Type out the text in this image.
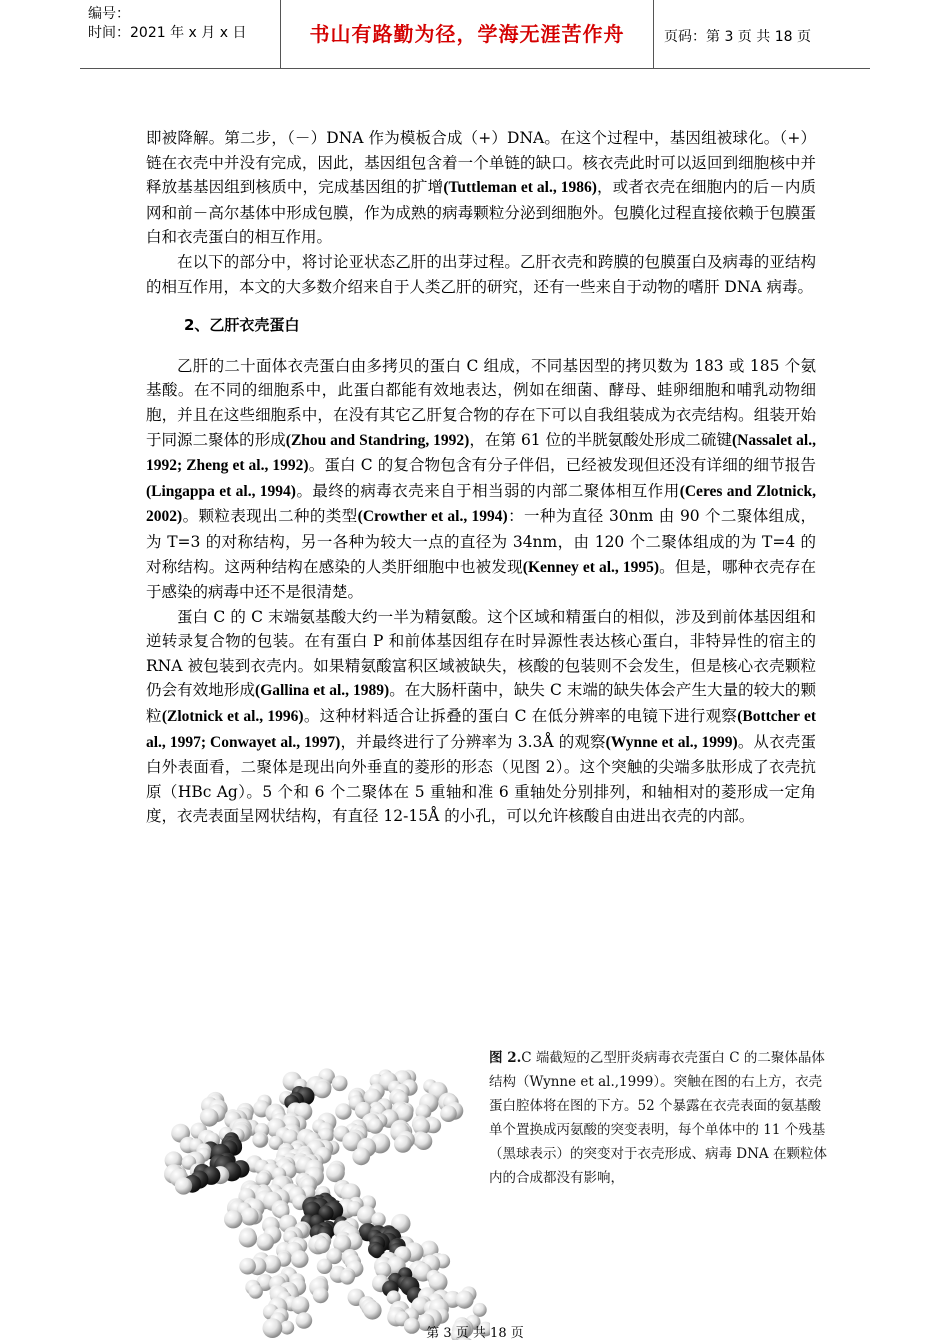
编号：
时间：2021 年 x 月 x 日	书山有路勤为径，学海无涯苦作舟	页码：第 3 页 共 18 页

即被降解。第二步，（－）DNA 作为模板合成（+）DNA。在这个过程中，基因组被球化。（+）链在衣壳中并没有完成，因此，基因组包含着一个单链的缺口。核衣壳此时可以返回到细胞核中并释放基基因组到核质中，完成基因组的扩增(Tuttleman et al., 1986)，或者衣壳在细胞内的后－内质网和前－高尔基体中形成包膜，作为成熟的病毒颗粒分泌到细胞外。包膜化过程直接依赖于包膜蛋白和衣壳蛋白的相互作用。

在以下的部分中，将讨论亚状态乙肝的出芽过程。乙肝衣壳和跨膜的包膜蛋白及病毒的亚结构的相互作用，本文的大多数介绍来自于人类乙肝的研究，还有一些来自于动物的嗜肝 DNA 病毒。

2、乙肝衣壳蛋白

乙肝的二十面体衣壳蛋白由多拷贝的蛋白 C 组成，不同基因型的拷贝数为 183 或 185 个氨基酸。在不同的细胞系中，此蛋白都能有效地表达，例如在细菌、酵母、蛙卵细胞和哺乳动物细胞，并且在这些细胞系中，在没有其它乙肝复合物的存在下可以自我组装成为衣壳结构。组装开始于同源二聚体的形成(Zhou and Standring, 1992)，在第 61 位的半胱氨酸处形成二硫键(Nassalet al., 1992; Zheng et al., 1992)。蛋白 C 的复合物包含有分子伴侣，已经被发现但还没有详细的细节报告(Lingappa et al., 1994)。最终的病毒衣壳来自于相当弱的内部二聚体相互作用(Ceres and Zlotnick, 2002)。颗粒表现出二种的类型(Crowther et al., 1994)：一种为直径 30nm 由 90 个二聚体组成，为 T=3 的对称结构，另一各种为较大一点的直径为 34nm，由 120 个二聚体组成的为 T=4 的对称结构。这两种结构在感染的人类肝细胞中也被发现(Kenney et al., 1995)。但是，哪种衣壳存在于感染的病毒中还不是很清楚。

蛋白 C 的 C 末端氨基酸大约一半为精氨酸。这个区域和精蛋白的相似，涉及到前体基因组和逆转录复合物的包装。在有蛋白 P 和前体基因组存在时异源性表达核心蛋白，非特异性的宿主的 RNA 被包装到衣壳内。如果精氨酸富积区域被缺失，核酸的包装则不会发生，但是核心衣壳颗粒仍会有效地形成(Gallina et al., 1989)。在大肠杆菌中，缺失 C 末端的缺失体会产生大量的较大的颗粒(Zlotnick et al., 1996)。这种材料适合让拆叠的蛋白 C 在低分辨率的电镜下进行观察(Bottcher et al., 1997; Conwayet al., 1997)，并最终进行了分辨率为 3.3Å 的观察(Wynne et al., 1999)。从衣壳蛋白外表面看，二聚体是现出向外垂直的菱形的形态（见图 2）。这个突触的尖端多肽形成了衣壳抗原（HBc Ag）。5 个和 6 个二聚体在 5 重轴和准 6 重轴处分别排列，和轴相对的菱形成一定角度，衣壳表面呈网状结构，有直径 12-15Å 的小孔，可以允许核酸自由进出衣壳的内部。

图 2.C 端截短的乙型肝炎病毒衣壳蛋白 C 的二聚体晶体结构（Wynne et al.,1999）。突触在图的右上方，衣壳蛋白腔体将在图的下方。52 个暴露在衣壳表面的氨基酸单个置换成丙氨酸的突变表明，每个单体中的 11 个残基（黑球表示）的突变对于衣壳形成、病毒 DNA 在颗粒体内的合成都没有影响，
第 3 页 共 18 页
